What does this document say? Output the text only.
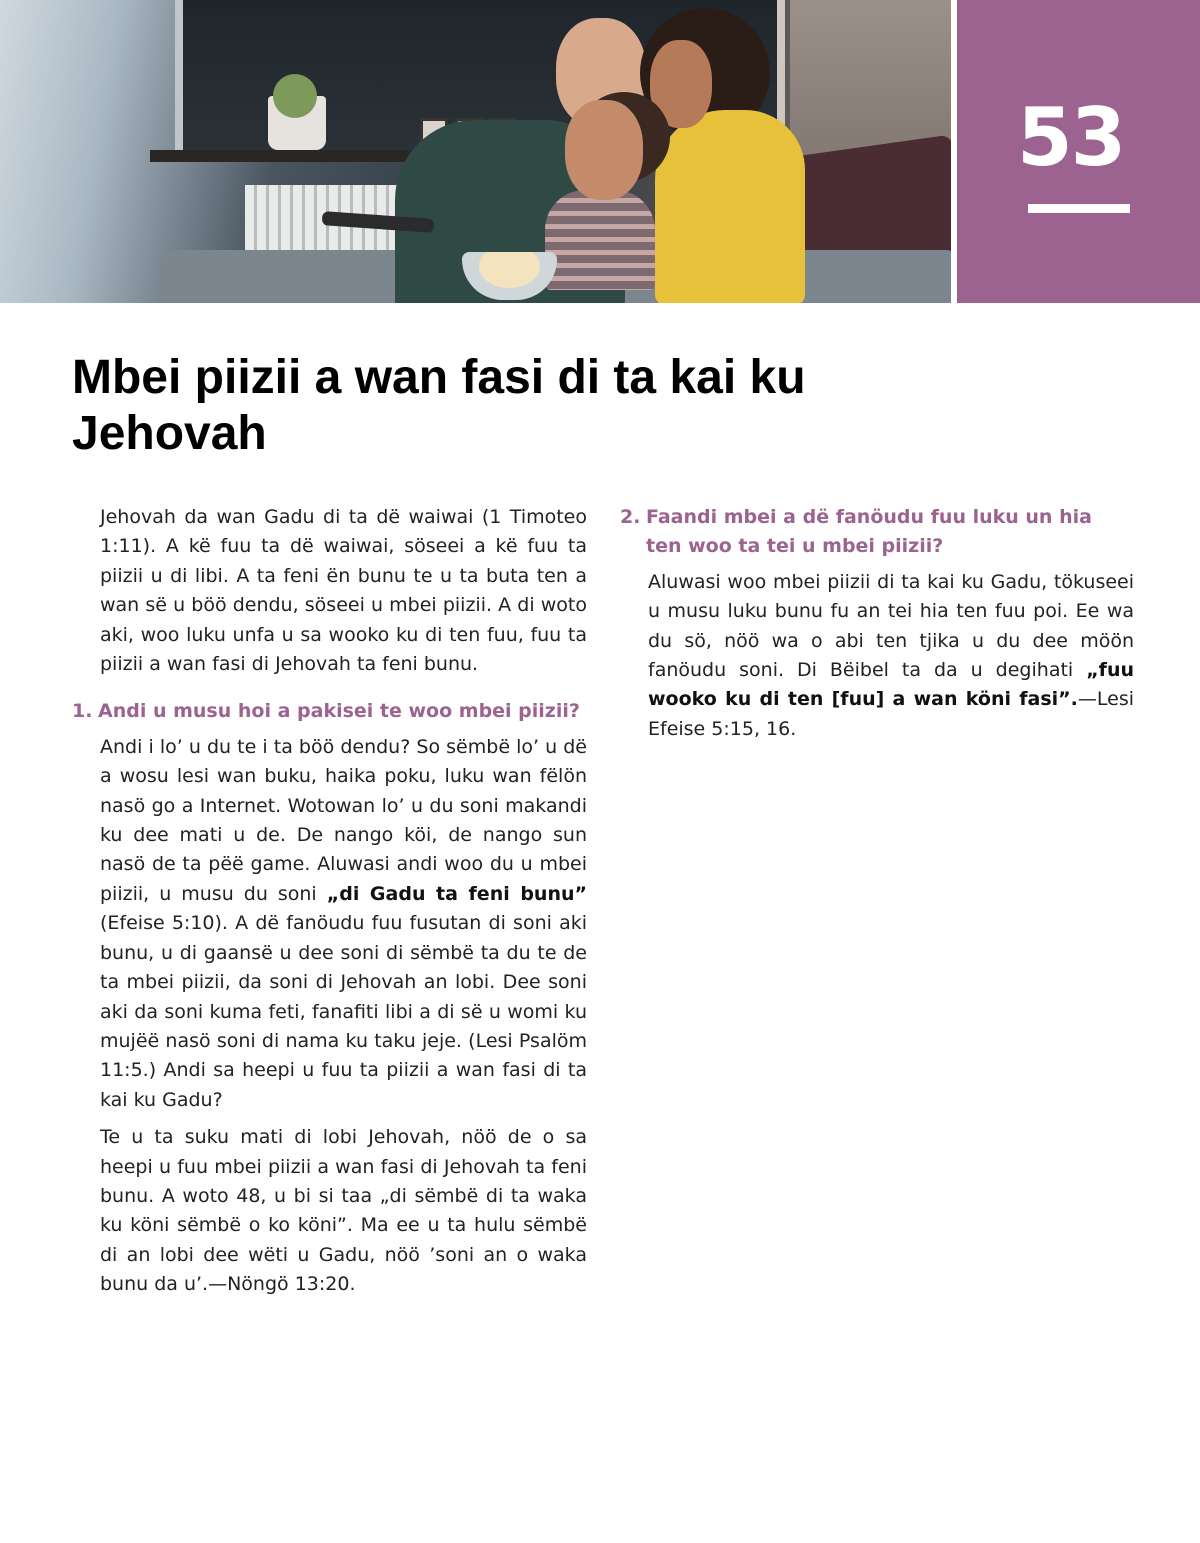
53
Mbei piizii a wan fasi di ta kai ku Jehovah

Jehovah da wan Gadu di ta dë waiwai (1 Timoteo 1:11). A kë fuu ta dë waiwai, söseei a kë fuu ta piizii u di libi. A ta feni ën bunu te u ta buta ten a wan së u böö dendu, söseei u mbei piizii. A di woto aki, woo luku unfa u sa wooko ku di ten fuu, fuu ta piizii a wan fasi di Jehovah ta feni bunu.

1. Andi u musu hoi a pakisei te woo mbei piizii?

Andi i lo’ u du te i ta böö dendu? So sëmbë lo’ u dë a wosu lesi wan buku, haika poku, luku wan fëlön nasö go a Internet. Wotowan lo’ u du soni makandi ku dee mati u de. De nango köi, de nango sun nasö de ta pëë game. Aluwasi andi woo du u mbei piizii, u musu du soni „di Gadu ta feni bunu” (Efeise 5:10). A dë fanöudu fuu fusutan di soni aki bunu, u di gaansë u dee soni di sëmbë ta du te de ta mbei piizii, da soni di Jehovah an lobi. Dee soni aki da soni kuma feti, fanafiti libi a di së u womi ku mujëë nasö soni di nama ku taku jeje. (Lesi Psalöm 11:5.) Andi sa heepi u fuu ta piizii a wan fasi di ta kai ku Gadu?

Te u ta suku mati di lobi Jehovah, nöö de o sa heepi u fuu mbei piizii a wan fasi di Jehovah ta feni bunu. A woto 48, u bi si taa „di sëmbë di ta waka ku köni sëmbë o ko köni”. Ma ee u ta hulu sëmbë di an lobi dee wëti u Gadu, nöö ’soni an o waka bunu da u’.—Nöngö 13:20.

2. Faandi mbei a dë fanöudu fuu luku un hia ten woo ta tei u mbei piizii?

Aluwasi woo mbei piizii di ta kai ku Gadu, tökuseei u musu luku bunu fu an tei hia ten fuu poi. Ee wa du sö, nöö wa o abi ten tjika u du dee möön fanöudu soni. Di Bëibel ta da u degihati „fuu wooko ku di ten [fuu] a wan köni fasi”.—Lesi Efeise 5:15, 16.
